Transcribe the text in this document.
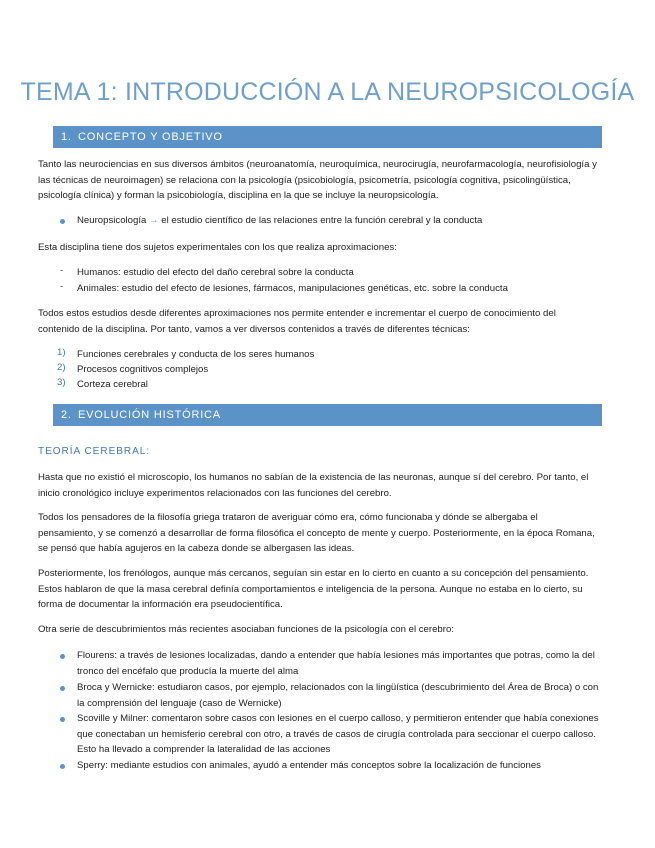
TEMA 1: INTRODUCCIÓN A LA NEUROPSICOLOGÍA
1. CONCEPTO Y OBJETIVO
Tanto las neurociencias en sus diversos ámbitos (neuroanatomía, neuroquímica, neurocirugía, neurofarmacología, neurofisiología y
las técnicas de neuroimagen) se relaciona con la psicología (psicobiología, psicometría, psicología cognitiva, psicolingüística,
psicología clínica) y forman la psicobiología, disciplina en la que se incluye la neuropsicología.
Neuropsicología → el estudio científico de las relaciones entre la función cerebral y la conducta
Esta disciplina tiene dos sujetos experimentales con los que realiza aproximaciones:
- Humanos: estudio del efecto del daño cerebral sobre la conducta
- Animales: estudio del efecto de lesiones, fármacos, manipulaciones genéticas, etc. sobre la conducta
Todos estos estudios desde diferentes aproximaciones nos permite entender e incrementar el cuerpo de conocimiento del
contenido de la disciplina. Por tanto, vamos a ver diversos contenidos a través de diferentes técnicas:
1) Funciones cerebrales y conducta de los seres humanos
2) Procesos cognitivos complejos
3) Corteza cerebral
2. EVOLUCIÓN HISTÓRICA
TEORÍA CEREBRAL:
Hasta que no existió el microscopio, los humanos no sabían de la existencia de las neuronas, aunque sí del cerebro. Por tanto, el
inicio cronológico incluye experimentos relacionados con las funciones del cerebro.
Todos los pensadores de la filosofía griega trataron de averiguar cómo era, cómo funcionaba y dónde se albergaba el
pensamiento, y se comenzó a desarrollar de forma filosófica el concepto de mente y cuerpo. Posteriormente, en la época Romana,
se pensó que había agujeros en la cabeza donde se albergasen las ideas.
Posteriormente, los frenólogos, aunque más cercanos, seguían sin estar en lo cierto en cuanto a su concepción del pensamiento.
Estos hablaron de que la masa cerebral definía comportamientos e inteligencia de la persona. Aunque no estaba en lo cierto, su
forma de documentar la información era pseudocientífica.
Otra serie de descubrimientos más recientes asociaban funciones de la psicología con el cerebro:
Flourens: a través de lesiones localizadas, dando a entender que había lesiones más importantes que potras, como la del
tronco del encéfalo que producía la muerte del alma
Broca y Wernicke: estudiaron casos, por ejemplo, relacionados con la lingüística (descubrimiento del Área de Broca) o con
la comprensión del lenguaje (caso de Wernicke)
Scoville y Milner: comentaron sobre casos con lesiones en el cuerpo calloso, y permitieron entender que había conexiones
que conectaban un hemisferio cerebral con otro, a través de casos de cirugía controlada para seccionar el cuerpo calloso.
Esto ha llevado a comprender la lateralidad de las acciones
Sperry: mediante estudios con animales, ayudó a entender más conceptos sobre la localización de funciones
